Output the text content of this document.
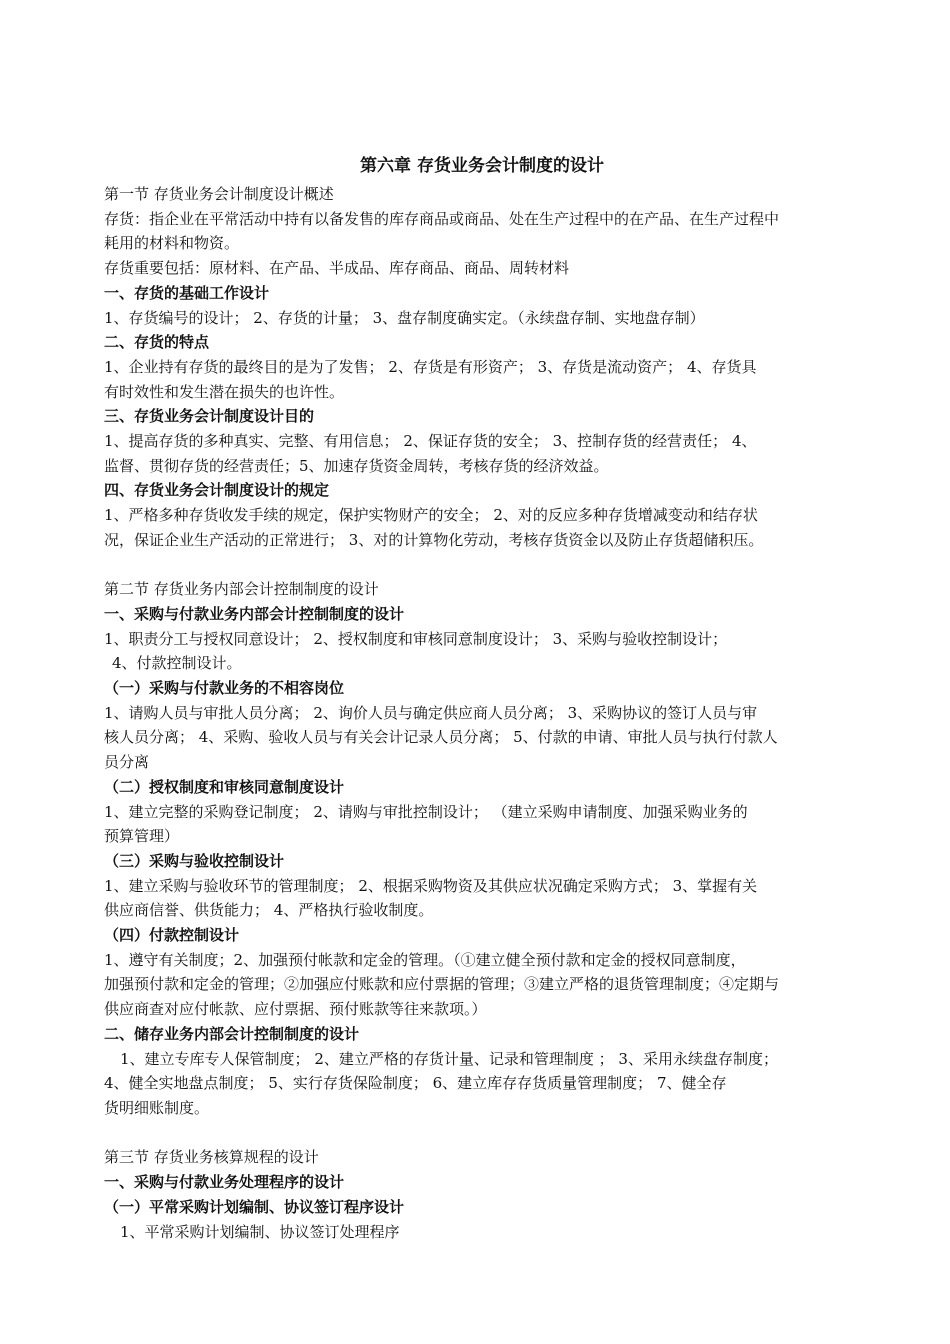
第六章 存货业务会计制度的设计

第一节 存货业务会计制度设计概述

存货：指企业在平常活动中持有以备发售的库存商品或商品、处在生产过程中的在产品、在生产过程中

耗用的材料和物资。

存货重要包括：原材料、在产品、半成品、库存商品、商品、周转材料

一、存货的基础工作设计

1、存货编号的设计； 2、存货的计量； 3、盘存制度确实定。（永续盘存制、实地盘存制）

二、存货的特点

1、企业持有存货的最终目的是为了发售； 2、存货是有形资产； 3、存货是流动资产； 4、存货具

有时效性和发生潜在损失的也许性。

三、存货业务会计制度设计目的

1、提高存货的多种真实、完整、有用信息； 2、保证存货的安全； 3、控制存货的经营责任； 4、

监督、贯彻存货的经营责任；5、加速存货资金周转，考核存货的经济效益。

四、存货业务会计制度设计的规定

1、严格多种存货收发手续的规定，保护实物财产的安全； 2、对的反应多种存货增减变动和结存状

况，保证企业生产活动的正常进行； 3、对的计算物化劳动，考核存货资金以及防止存货超储积压。

第二节 存货业务内部会计控制制度的设计

一、采购与付款业务内部会计控制制度的设计

1、职责分工与授权同意设计； 2、授权制度和审核同意制度设计； 3、采购与验收控制设计；

4、付款控制设计。

（一）采购与付款业务的不相容岗位

1、请购人员与审批人员分离； 2、询价人员与确定供应商人员分离； 3、采购协议的签订人员与审

核人员分离； 4、采购、验收人员与有关会计记录人员分离； 5、付款的申请、审批人员与执行付款人

员分离

（二）授权制度和审核同意制度设计

1、建立完整的采购登记制度； 2、请购与审批控制设计； （建立采购申请制度、加强采购业务的

预算管理）

（三）采购与验收控制设计

1、建立采购与验收环节的管理制度； 2、根据采购物资及其供应状况确定采购方式； 3、掌握有关

供应商信誉、供货能力； 4、严格执行验收制度。

（四）付款控制设计

1、遵守有关制度；2、加强预付帐款和定金的管理。（①建立健全预付款和定金的授权同意制度，

加强预付款和定金的管理；②加强应付账款和应付票据的管理；③建立严格的退货管理制度；④定期与

供应商查对应付帐款、应付票据、预付账款等往来款项。）

二、储存业务内部会计控制制度的设计

1、建立专库专人保管制度； 2、建立严格的存货计量、记录和管理制度 ； 3、采用永续盘存制度；

4、健全实地盘点制度； 5、实行存货保险制度； 6、建立库存存货质量管理制度； 7、健全存

货明细账制度。

第三节 存货业务核算规程的设计

一、采购与付款业务处理程序的设计

（一）平常采购计划编制、协议签订程序设计

1、平常采购计划编制、协议签订处理程序
